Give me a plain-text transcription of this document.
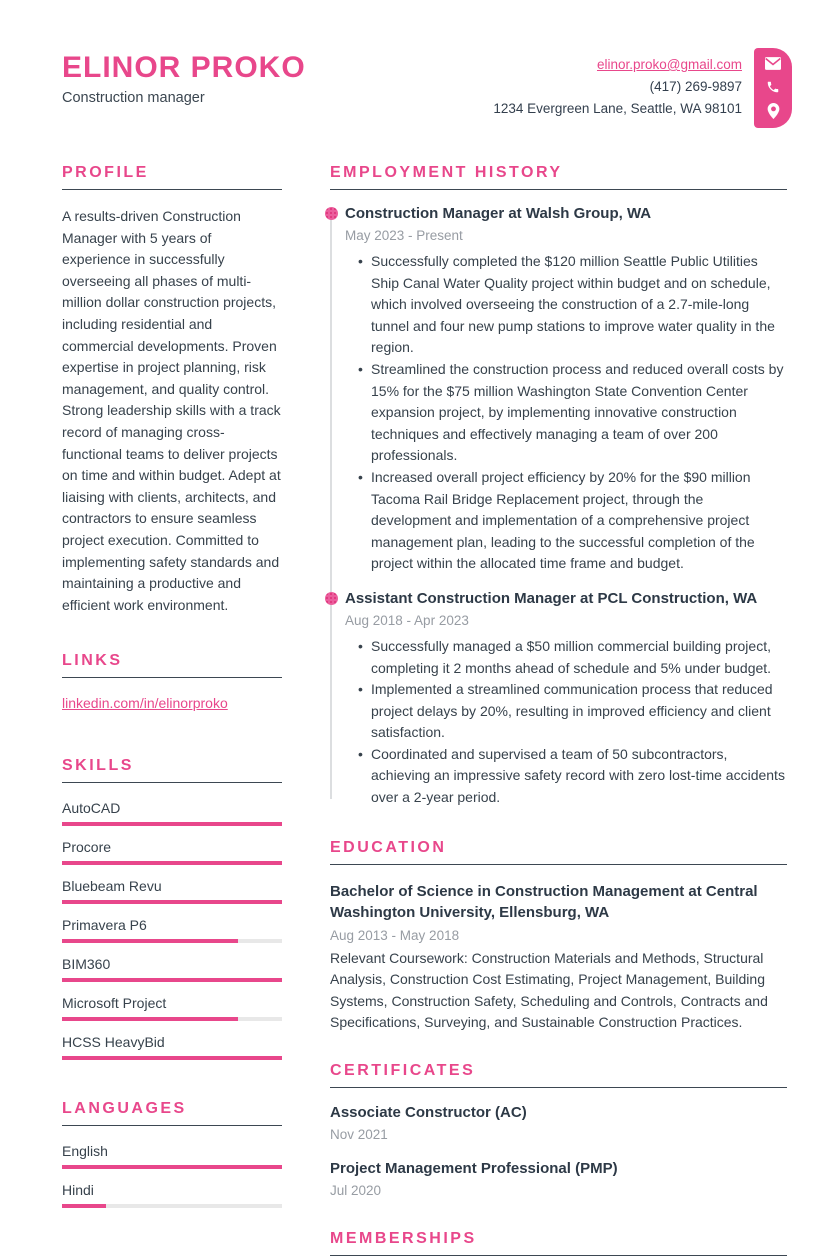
ELINOR PROKO
Construction manager
elinor.proko@gmail.com
(417) 269-9897
1234 Evergreen Lane, Seattle, WA 98101
PROFILE

A results-driven Construction Manager with 5 years of experience in successfully overseeing all phases of multi-million dollar construction projects, including residential and commercial developments. Proven expertise in project planning, risk management, and quality control. Strong leadership skills with a track record of managing cross-functional teams to deliver projects on time and within budget. Adept at liaising with clients, architects, and contractors to ensure seamless project execution. Committed to implementing safety standards and maintaining a productive and efficient work environment.

LINKS
linkedin.com/in/elinorproko
SKILLS
AutoCAD
Procore
Bluebeam Revu
Primavera P6
BIM360
Microsoft Project
HCSS HeavyBid
LANGUAGES
English
Hindi
EMPLOYMENT HISTORY
Construction Manager at Walsh Group, WA
May 2023 - Present
• Successfully completed the $120 million Seattle Public Utilities Ship Canal Water Quality project within budget and on schedule, which involved overseeing the construction of a 2.7-mile-long tunnel and four new pump stations to improve water quality in the region.
• Streamlined the construction process and reduced overall costs by 15% for the $75 million Washington State Convention Center expansion project, by implementing innovative construction techniques and effectively managing a team of over 200 professionals.
• Increased overall project efficiency by 20% for the $90 million Tacoma Rail Bridge Replacement project, through the development and implementation of a comprehensive project management plan, leading to the successful completion of the project within the allocated time frame and budget.
Assistant Construction Manager at PCL Construction, WA
Aug 2018 - Apr 2023
• Successfully managed a $50 million commercial building project, completing it 2 months ahead of schedule and 5% under budget.
• Implemented a streamlined communication process that reduced project delays by 20%, resulting in improved efficiency and client satisfaction.
• Coordinated and supervised a team of 50 subcontractors, achieving an impressive safety record with zero lost-time accidents over a 2-year period.
EDUCATION
Bachelor of Science in Construction Management at Central Washington University, Ellensburg, WA
Aug 2013 - May 2018

Relevant Coursework: Construction Materials and Methods, Structural Analysis, Construction Cost Estimating, Project Management, Building Systems, Construction Safety, Scheduling and Controls, Contracts and Specifications, Surveying, and Sustainable Construction Practices.

CERTIFICATES
Associate Constructor (AC)
Nov 2021
Project Management Professional (PMP)
Jul 2020
MEMBERSHIPS
